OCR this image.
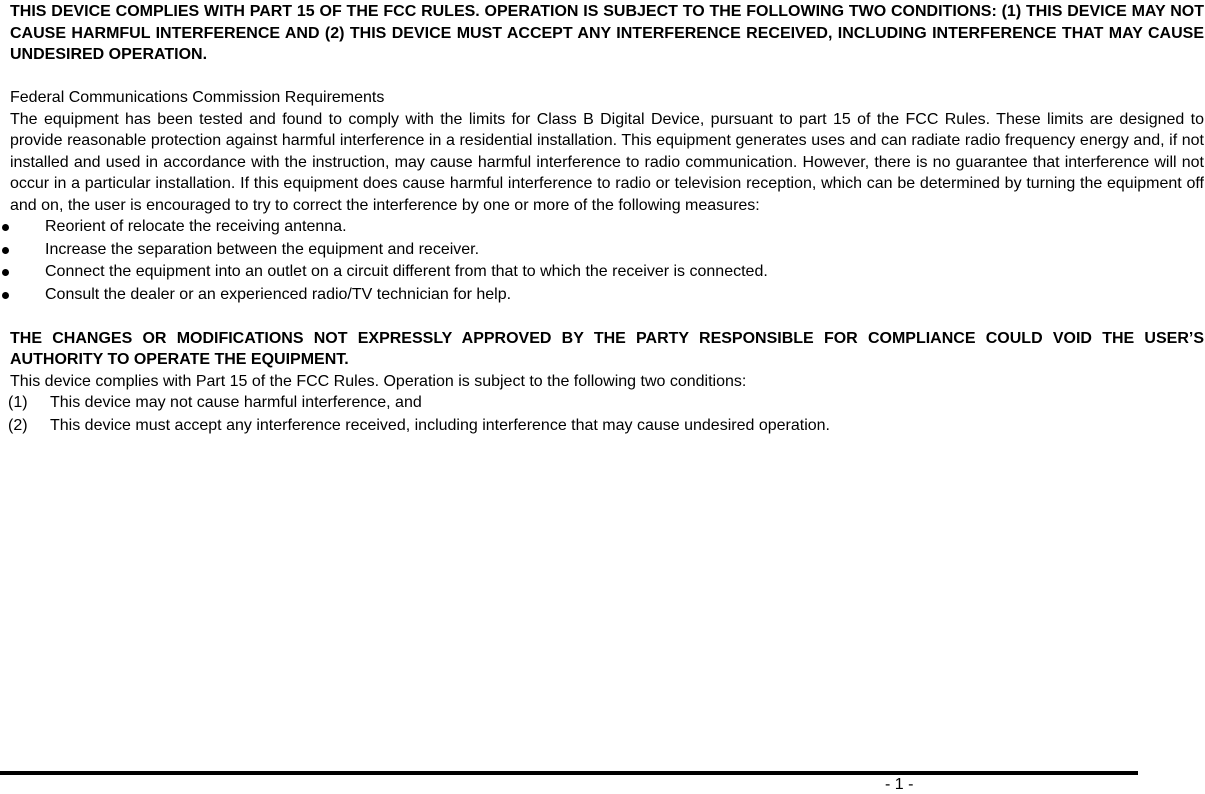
THIS DEVICE COMPLIES WITH PART 15 OF THE FCC RULES. OPERATION IS SUBJECT TO THE FOLLOWING TWO CONDITIONS: (1) THIS DEVICE MAY NOT CAUSE HARMFUL INTERFERENCE AND (2) THIS DEVICE MUST ACCEPT ANY INTERFERENCE RECEIVED, INCLUDING INTERFERENCE THAT MAY CAUSE UNDESIRED OPERATION.

Federal Communications Commission Requirements

The equipment has been tested and found to comply with the limits for Class B Digital Device, pursuant to part 15 of the FCC Rules. These limits are designed to provide reasonable protection against harmful interference in a residential installation. This equipment generates uses and can radiate radio frequency energy and, if not installed and used in accordance with the instruction, may cause harmful interference to radio communication. However, there is no guarantee that interference will not occur in a particular installation. If this equipment does cause harmful interference to radio or television reception, which can be determined by turning the equipment off and on, the user is encouraged to try to correct the interference by one or more of the following measures:

Reorient of relocate the receiving antenna.
Increase the separation between the equipment and receiver.
Connect the equipment into an outlet on a circuit different from that to which the receiver is connected.
Consult the dealer or an experienced radio/TV technician for help.

THE CHANGES OR MODIFICATIONS NOT EXPRESSLY APPROVED BY THE PARTY RESPONSIBLE FOR COMPLIANCE COULD VOID THE USER’S AUTHORITY TO OPERATE THE EQUIPMENT.

This device complies with Part 15 of the FCC Rules. Operation is subject to the following two conditions:

(1) This device may not cause harmful interference, and
(2) This device must accept any interference received, including interference that may cause undesired operation.
- 1 -
